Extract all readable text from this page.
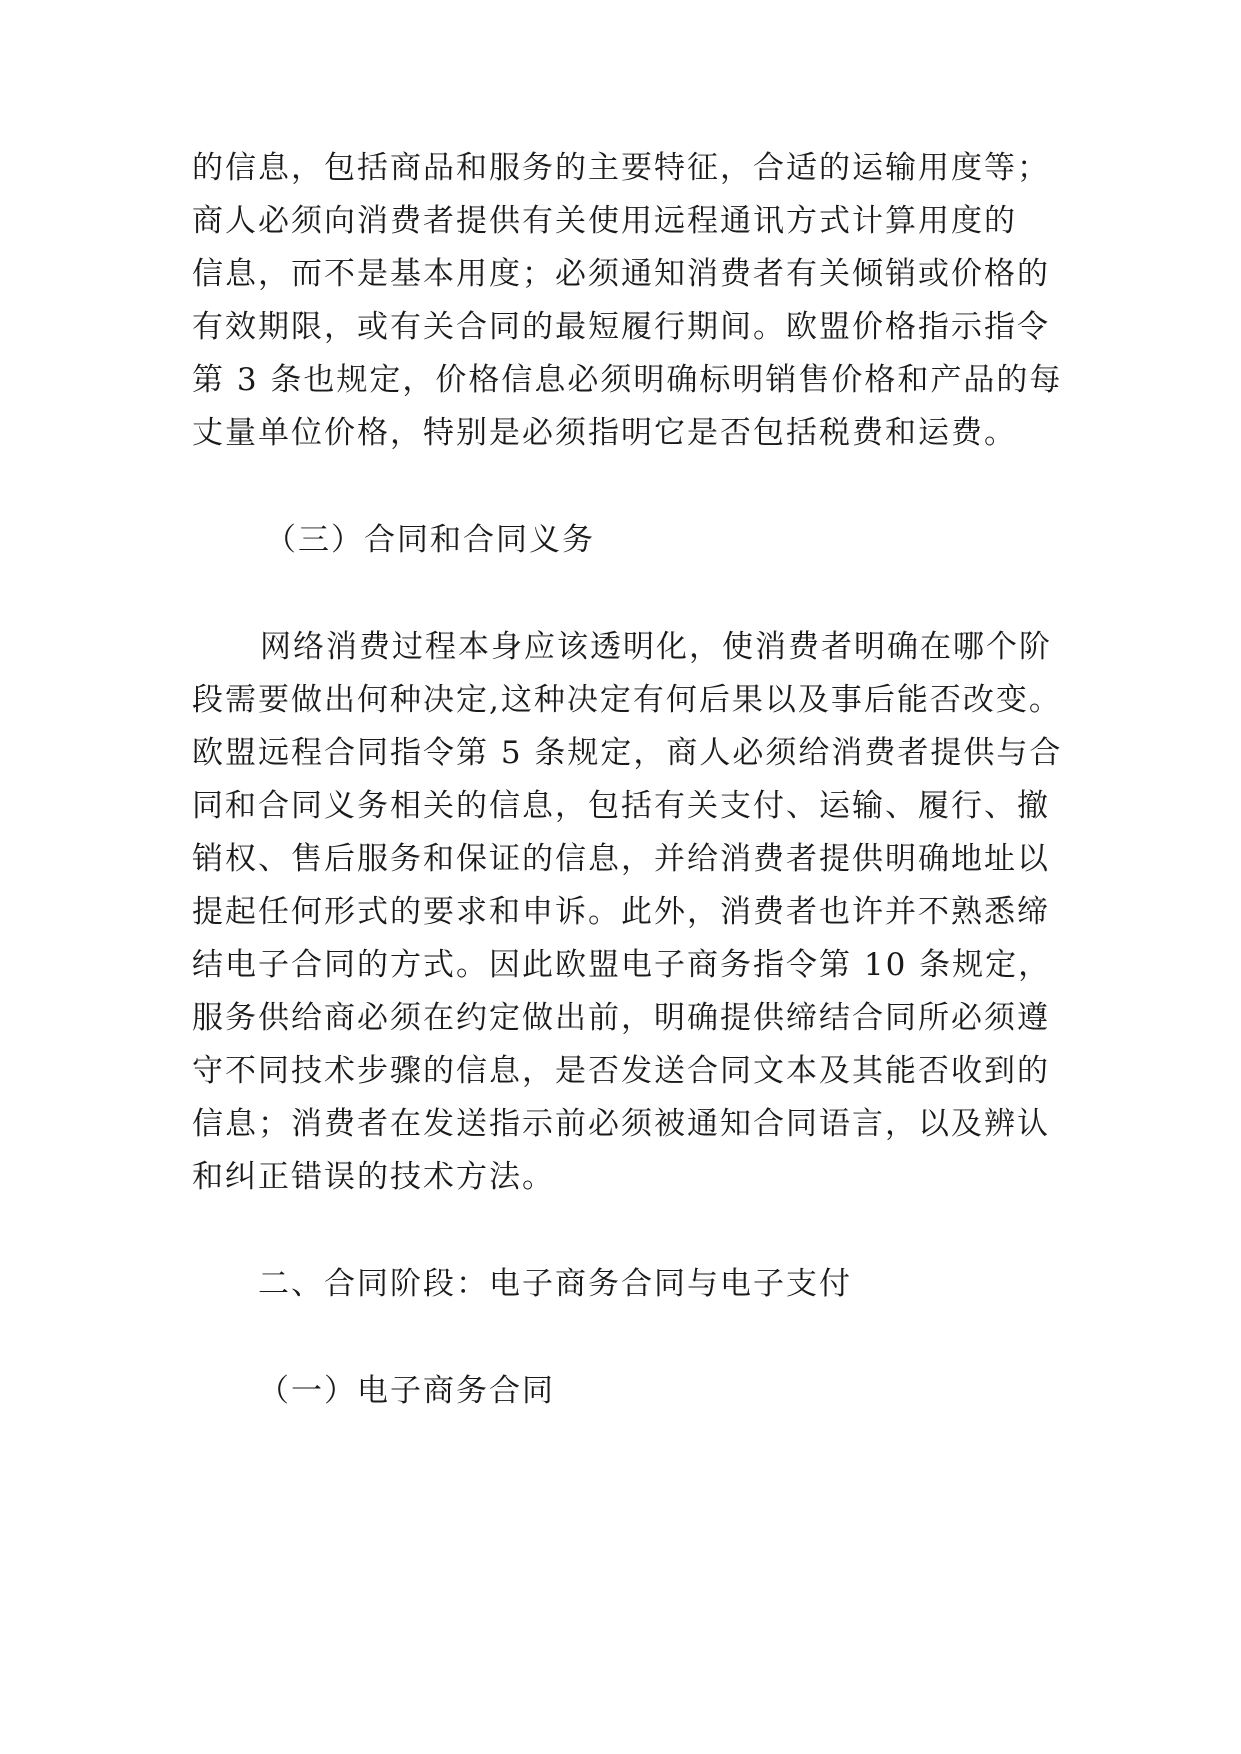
的信息，包括商品和服务的主要特征，合适的运输用度等；
商人必须向消费者提供有关使用远程通讯方式计算用度的
信息，而不是基本用度；必须通知消费者有关倾销或价格的
有效期限，或有关合同的最短履行期间。欧盟价格指示指令
第 3 条也规定，价格信息必须明确标明销售价格和产品的每
丈量单位价格，特别是必须指明它是否包括税费和运费。
（三）合同和合同义务
网络消费过程本身应该透明化，使消费者明确在哪个阶
段需要做出何种决定,这种决定有何后果以及事后能否改变。
欧盟远程合同指令第 5 条规定，商人必须给消费者提供与合
同和合同义务相关的信息，包括有关支付、运输、履行、撤
销权、售后服务和保证的信息，并给消费者提供明确地址以
提起任何形式的要求和申诉。此外，消费者也许并不熟悉缔
结电子合同的方式。因此欧盟电子商务指令第 10 条规定，
服务供给商必须在约定做出前，明确提供缔结合同所必须遵
守不同技术步骤的信息，是否发送合同文本及其能否收到的
信息；消费者在发送指示前必须被通知合同语言，以及辨认
和纠正错误的技术方法。
二、合同阶段：电子商务合同与电子支付
（一）电子商务合同
